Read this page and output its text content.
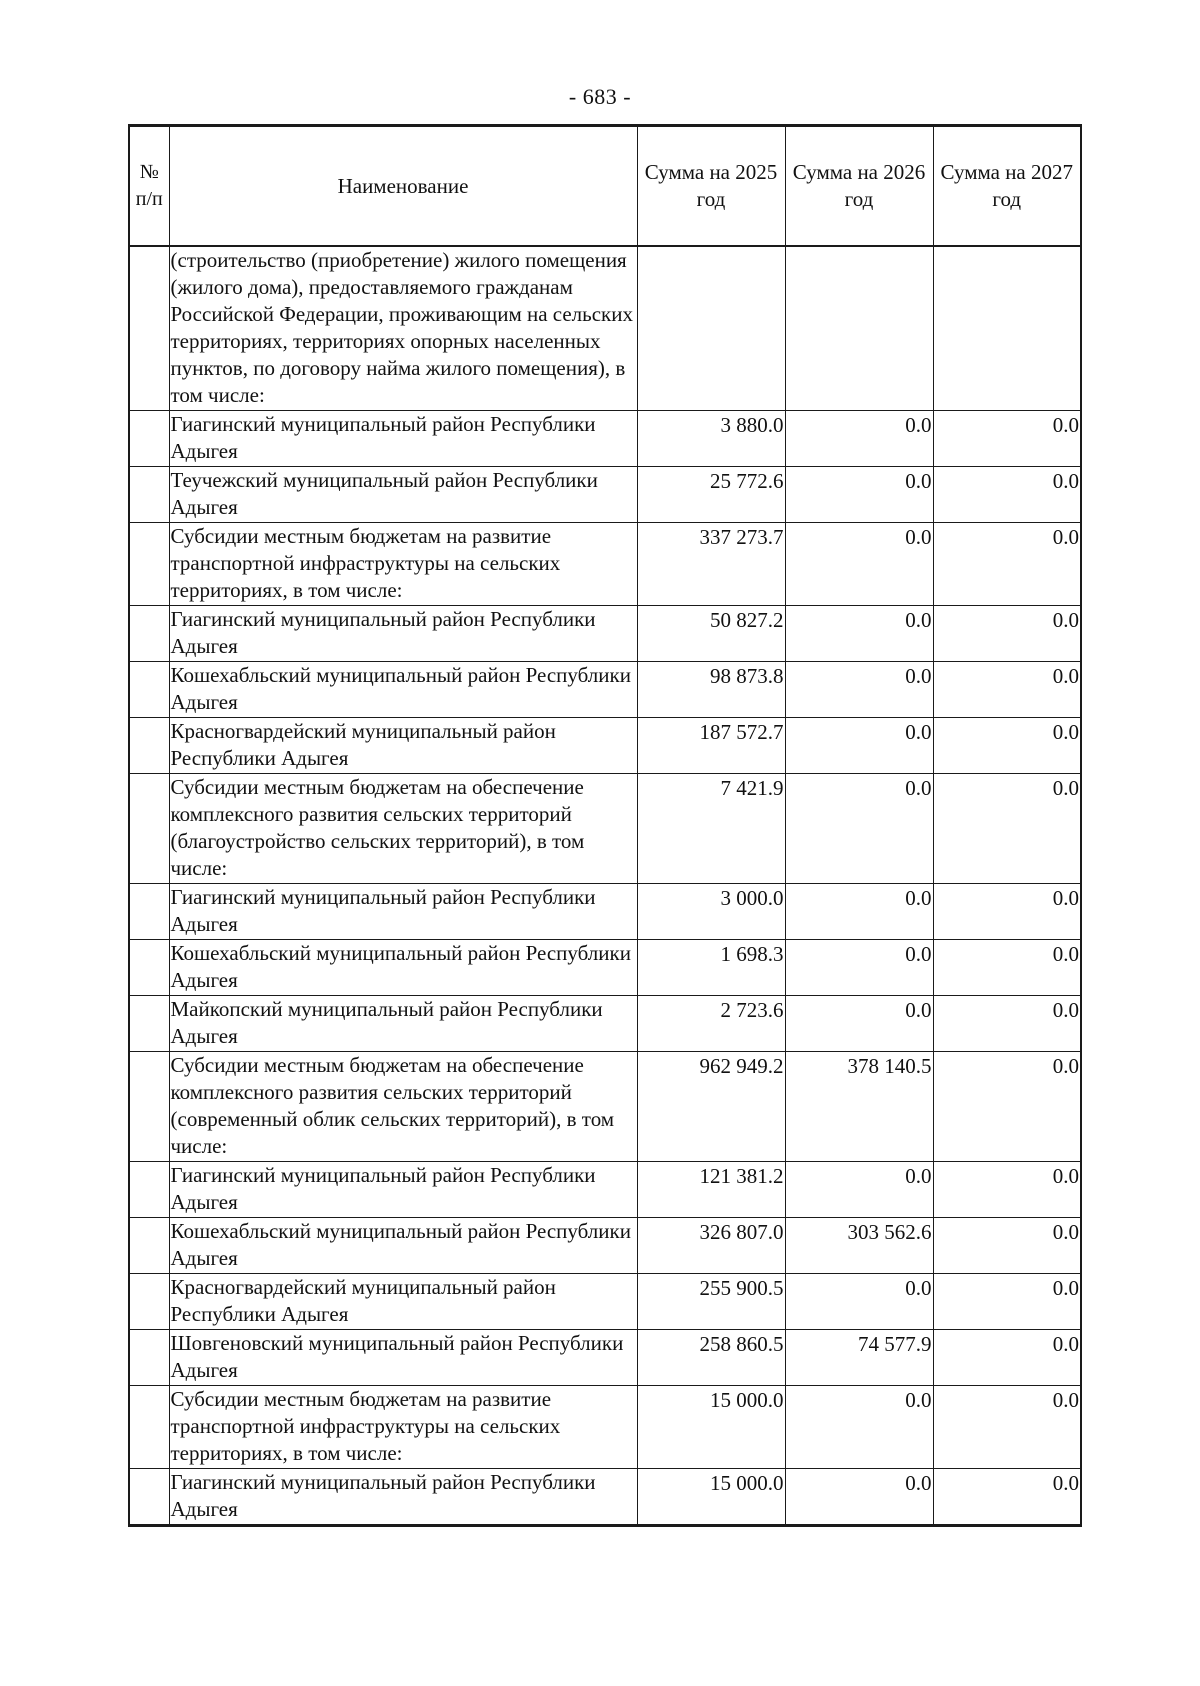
- 683 -
№ п/п	Наименование	Сумма на 2025 год	Сумма на 2026 год	Сумма на 2027 год
	(строительство (приобретение) жилого помещения (жилого дома), предоставляемого гражданам Российской Федерации, проживающим на сельских территориях, территориях опорных населенных пунктов, по договору найма жилого помещения), в том числе:			
	Гиагинский муниципальный район Республики Адыгея	3 880.0	0.0	0.0
	Теучежский муниципальный район Республики Адыгея	25 772.6	0.0	0.0
	Субсидии местным бюджетам на развитие транспортной инфраструктуры на сельских территориях, в том числе:	337 273.7	0.0	0.0
	Гиагинский муниципальный район Республики Адыгея	50 827.2	0.0	0.0
	Кошехабльский муниципальный район Республики Адыгея	98 873.8	0.0	0.0
	Красногвардейский муниципальный район Республики Адыгея	187 572.7	0.0	0.0
	Субсидии местным бюджетам на обеспечение комплексного развития сельских территорий (благоустройство сельских территорий), в том числе:	7 421.9	0.0	0.0
	Гиагинский муниципальный район Республики Адыгея	3 000.0	0.0	0.0
	Кошехабльский муниципальный район Республики Адыгея	1 698.3	0.0	0.0
	Майкопский муниципальный район Республики Адыгея	2 723.6	0.0	0.0
	Субсидии местным бюджетам на обеспечение комплексного развития сельских территорий (современный облик сельских территорий), в том числе:	962 949.2	378 140.5	0.0
	Гиагинский муниципальный район Республики Адыгея	121 381.2	0.0	0.0
	Кошехабльский муниципальный район Республики Адыгея	326 807.0	303 562.6	0.0
	Красногвардейский муниципальный район Республики Адыгея	255 900.5	0.0	0.0
	Шовгеновский муниципальный район Республики Адыгея	258 860.5	74 577.9	0.0
	Субсидии местным бюджетам на развитие транспортной инфраструктуры на сельских территориях, в том числе:	15 000.0	0.0	0.0
	Гиагинский муниципальный район Республики Адыгея	15 000.0	0.0	0.0
